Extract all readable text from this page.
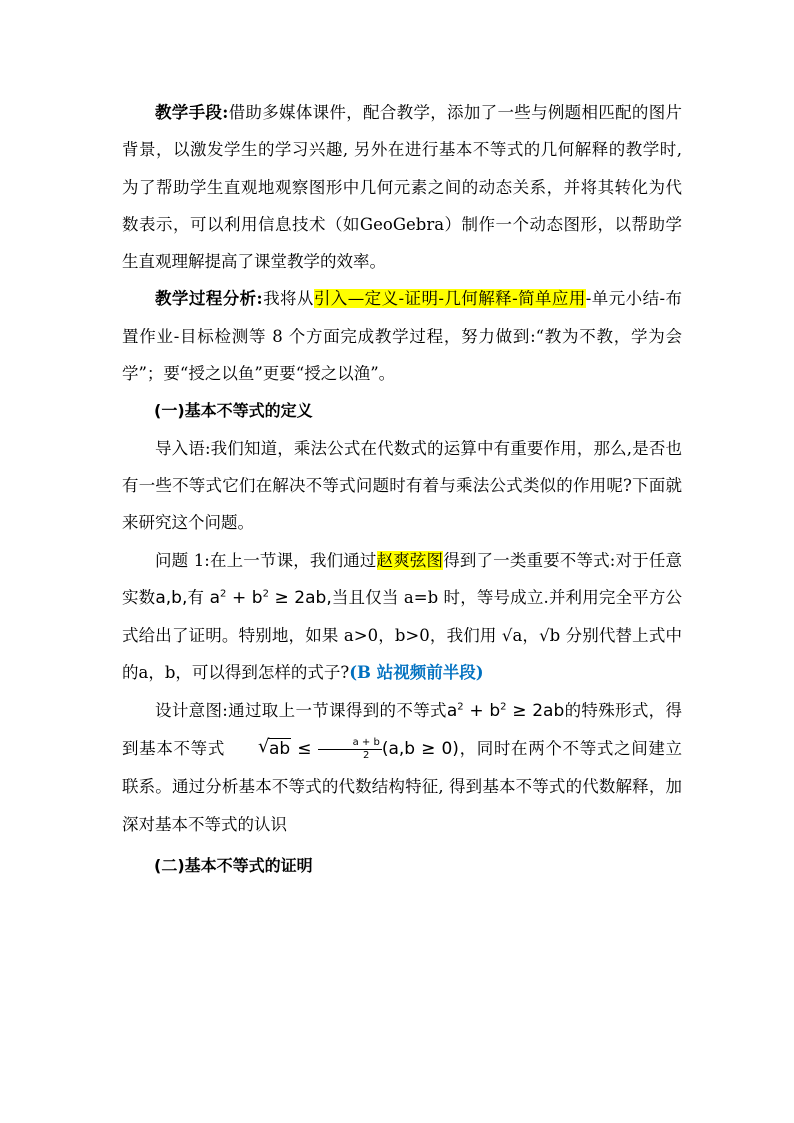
教学手段:借助多媒体课件，配合教学，添加了一些与例题相匹配的图片背景，以激发学生的学习兴趣, 另外在进行基本不等式的几何解释的教学时, 为了帮助学生直观地观察图形中几何元素之间的动态关系，并将其转化为代数表示，可以利用信息技术（如GeoGebra）制作一个动态图形，以帮助学生直观理解提高了课堂教学的效率。

教学过程分析:我将从引入—定义-证明-几何解释-简单应用-单元小结-布置作业-目标检测等 8 个方面完成教学过程，努力做到:“教为不教，学为会学”；要“授之以鱼”更要“授之以渔”。

(一)基本不等式的定义

导入语:我们知道，乘法公式在代数式的运算中有重要作用，那么,是否也有一些不等式它们在解决不等式问题时有着与乘法公式类似的作用呢?下面就来研究这个问题。

问题 1:在上一节课，我们通过赵爽弦图得到了一类重要不等式:对于任意实数a,b,有 $a^2 + b^2 \ge 2ab$,当且仅当 a=b 时，等号成立.并利用完全平方公式给出了证明。特别地，如果 a>0，b>0，我们用 √a，√b 分别代替上式中的a，b，可以得到怎样的式子?(B 站视频前半段)

设计意图:通过取上一节课得到的不等式$a^2 + b^2 \ge 2ab$的特殊形式，得到基本不等式	√ ab ≤ $\frac{a + b}{2} (a,b \ge 0)$，同时在两个不等式之间建立联系。通过分析基本不等式的代数结构特征, 得到基本不等式的代数解释，加深对基本不等式的认识

(二)基本不等式的证明
